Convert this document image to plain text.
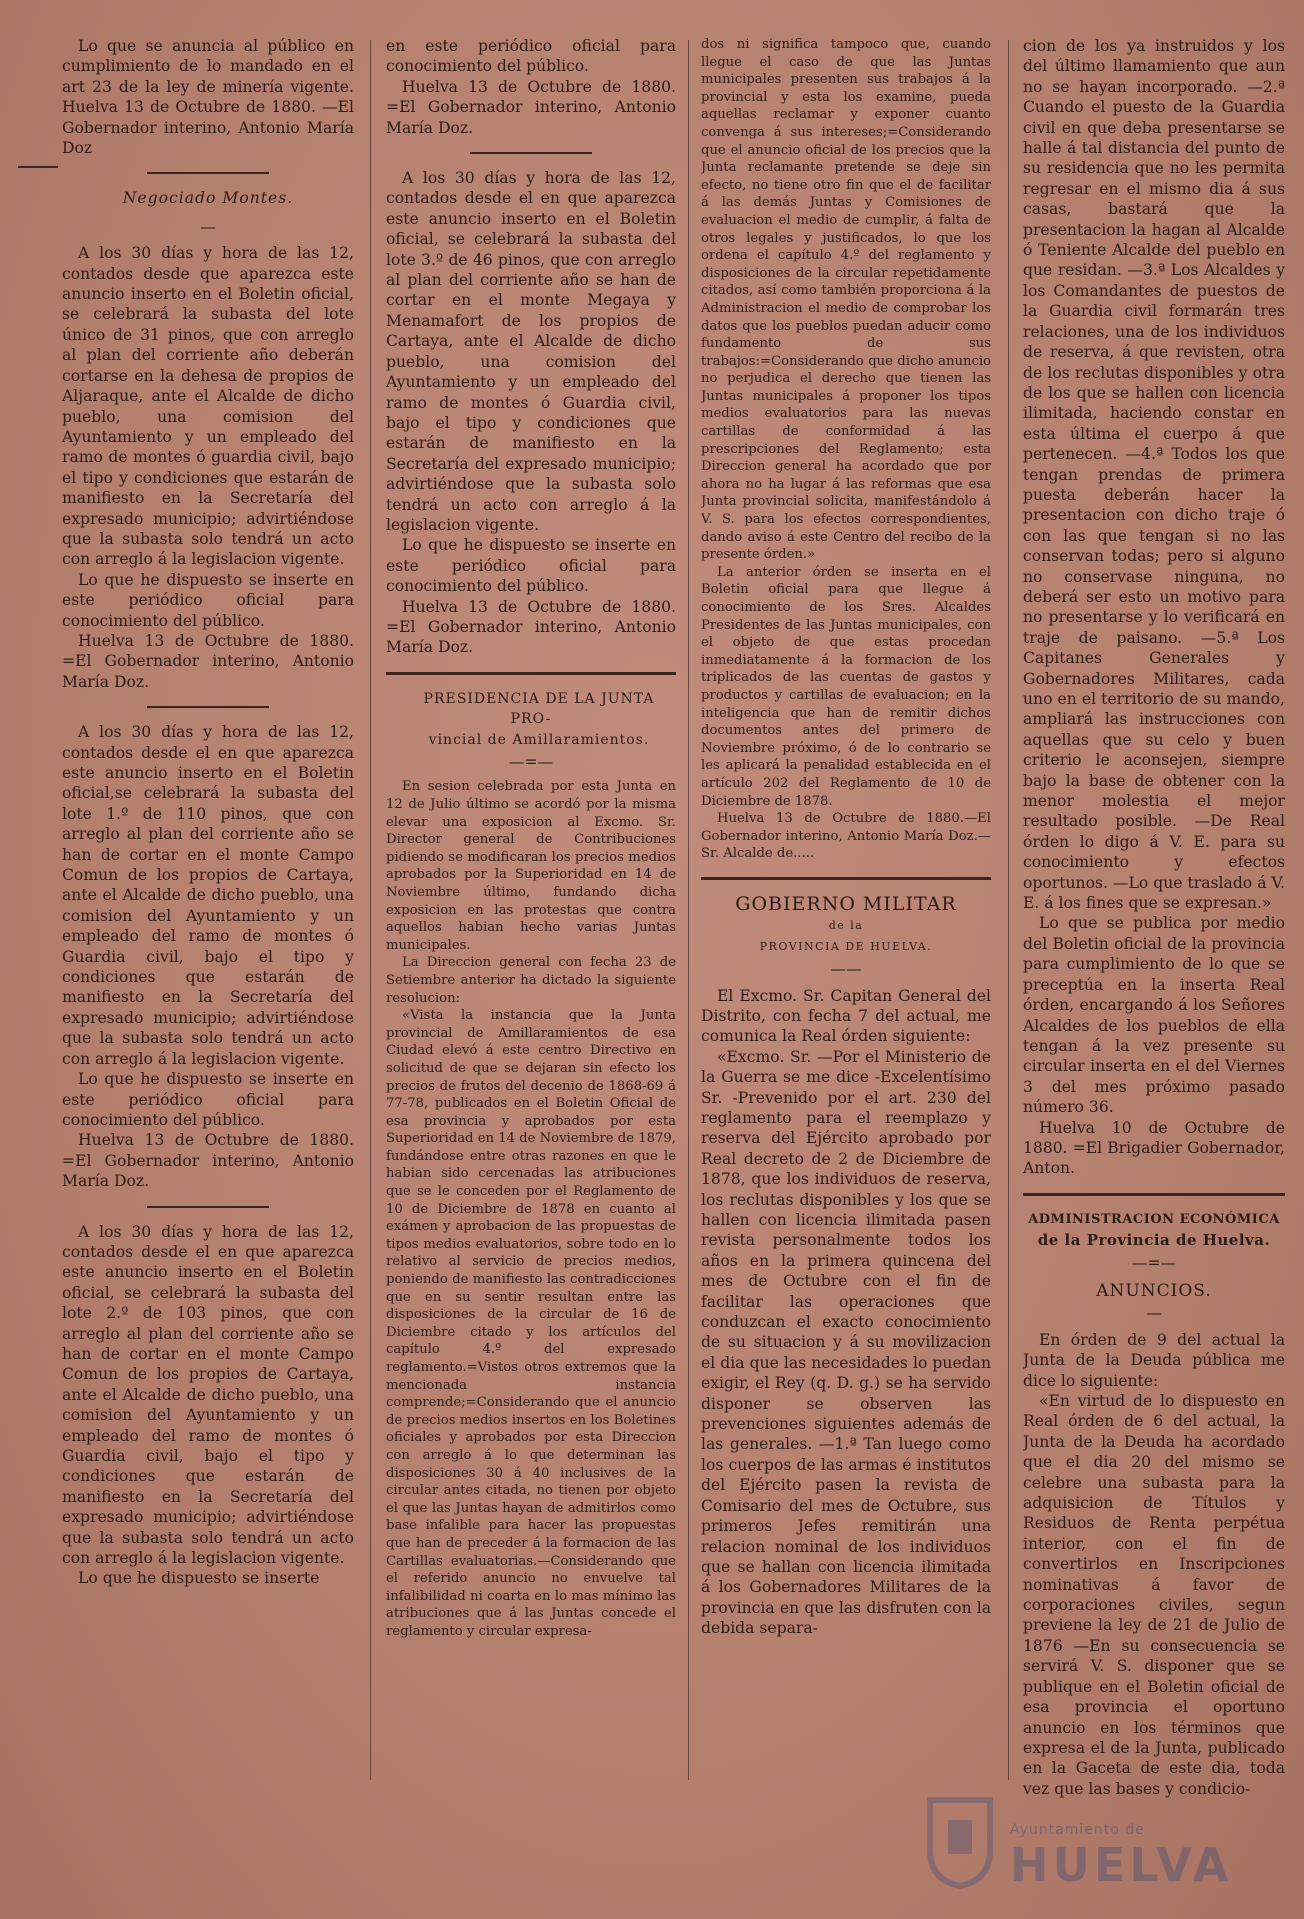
Lo que se anuncia al público en cumplimiento de lo mandado en el art 23 de la ley de minería vigente. Huelva 13 de Octubre de 1880. —El Gobernador interino, Antonio María Doz

Negociado Montes.
—

A los 30 días y hora de las 12, contados desde que aparezca este anuncio inserto en el Boletin oficial, se celebrará la subasta del lote único de 31 pinos, que con arreglo al plan del corriente año deberán cortarse en la dehesa de propios de Aljaraque, ante el Alcalde de dicho pueblo, una comision del Ayuntamiento y un empleado del ramo de montes ó guardia civil, bajo el tipo y condiciones que estarán de manifiesto en la Secretaría del expresado municipio; advirtiéndose que la subasta solo tendrá un acto con arreglo á la legislacion vigente.

Lo que he dispuesto se inserte en este periódico oficial para conocimiento del público.

Huelva 13 de Octubre de 1880. =El Gobernador interino, Antonio María Doz.

A los 30 días y hora de las 12, contados desde el en que aparezca este anuncio inserto en el Boletin oficial,se celebrará la subasta del lote 1.º de 110 pinos, que con arreglo al plan del corriente año se han de cortar en el monte Campo Comun de los propios de Cartaya, ante el Alcalde de dicho pueblo, una comision del Ayuntamiento y un empleado del ramo de montes ó Guardia civil, bajo el tipo y condiciones que estarán de manifiesto en la Secretaría del expresado municipio; advirtiéndose que la subasta solo tendrá un acto con arreglo á la legislacion vigente.

Lo que he dispuesto se inserte en este periódico oficial para conocimiento del público.

Huelva 13 de Octubre de 1880. =El Gobernador interino, Antonio María Doz.

A los 30 días y hora de las 12, contados desde el en que aparezca este anuncio inserto en el Boletin oficial, se celebrará la subasta del lote 2.º de 103 pinos, que con arreglo al plan del corriente año se han de cortar en el monte Campo Comun de los propios de Cartaya, ante el Alcalde de dicho pueblo, una comision del Ayuntamiento y un empleado del ramo de montes ó Guardia civil, bajo el tipo y condiciones que estarán de manifiesto en la Secretaría del expresado municipio; advirtiéndose que la subasta solo tendrá un acto con arreglo á la legislacion vigente.

Lo que he dispuesto se inserte

en este periódico oficial para conocimiento del público.

Huelva 13 de Octubre de 1880. =El Gobernador interino, Antonio María Doz.

A los 30 días y hora de las 12, contados desde el en que aparezca este anuncio inserto en el Boletin oficial, se celebrará la subasta del lote 3.º de 46 pinos, que con arreglo al plan del corriente año se han de cortar en el monte Megaya y Menamafort de los propios de Cartaya, ante el Alcalde de dicho pueblo, una comision del Ayuntamiento y un empleado del ramo de montes ó Guardia civil, bajo el tipo y condiciones que estarán de manifiesto en la Secretaría del expresado municipio; advirtiéndose que la subasta solo tendrá un acto con arreglo á la legislacion vigente.

Lo que he dispuesto se inserte en este periódico oficial para conocimiento del público.

Huelva 13 de Octubre de 1880. =El Gobernador interino, Antonio María Doz.

PRESIDENCIA DE LA JUNTA PRO-

vincial de Amillaramientos.

—=—

En sesion celebrada por esta Junta en 12 de Julio último se acordó por la misma elevar una exposicion al Excmo. Sr. Director general de Contribuciones pidiendo se modificaran los precios medios aprobados por la Superioridad en 14 de Noviembre último, fundando dicha exposicion en las protestas que contra aquellos habian hecho varias Juntas municipales.

La Direccion general con fecha 23 de Setiembre anterior ha dictado la siguiente resolucion:

«Vista la instancia que la Junta provincial de Amillaramientos de esa Ciudad elevó á este centro Directivo en solicitud de que se dejaran sin efecto los precios de frutos del decenio de 1868-69 á 77-78, publicados en el Boletin Oficial de esa provincia y aprobados por esta Superioridad en 14 de Noviembre de 1879, fundándose entre otras razones en que le habian sido cercenadas las atribuciones que se le conceden por el Reglamento de 10 de Diciembre de 1878 en cuanto al exámen y aprobacion de las propuestas de tipos medios evaluatorios, sobre todo en lo relativo al servicio de precios medios, poniendo de manifiesto las contradicciones que en su sentir resultan entre las disposiciones de la circular de 16 de Diciembre citado y los artículos del capítulo 4.º del expresado reglamento.=Vistos otros extremos que la mencionada instancia comprende;=Considerando que el anuncio de precios medios insertos en los Boletines oficiales y aprobados por esta Direccion con arreglo á lo que determinan las disposiciones 30 á 40 inclusives de la circular antes citada, no tienen por objeto el que las Juntas hayan de admitirlos como base infalible para hacer las propuestas que han de preceder á la formacion de las Cartillas evaluatorias.—Considerando que el referido anuncio no envuelve tal infalibilidad ni coarta en lo mas mínimo las atribuciones que á las Juntas concede el reglamento y circular expresa-

dos ni significa tampoco que, cuando llegue el caso de que las Juntas municipales presenten sus trabajos á la provincial y esta los examine, pueda aquellas reclamar y exponer cuanto convenga á sus intereses;=Considerando que el anuncio oficial de los precios que la Junta reclamante pretende se deje sin efecto, no tiene otro fin que el de facilitar á las demás Juntas y Comisiones de evaluacion el medio de cumplir, á falta de otros legales y justificados, lo que los ordena el capítulo 4.º del reglamento y disposiciones de la circular repetidamente citados, así como también proporciona á la Administracion el medio de comprobar los datos que los pueblos puedan aducir como fundamento de sus trabajos:=Considerando que dicho anuncio no perjudica el derecho que tienen las Juntas municipales á proponer los tipos medios evaluatorios para las nuevas cartillas de conformidad á las prescripciones del Reglamento; esta Direccion general ha acordado que por ahora no ha lugar á las reformas que esa Junta provincial solicita, manifestándolo á V. S. para los efectos correspondientes, dando aviso á este Centro del recibo de la presente órden.»

La anterior órden se inserta en el Boletin oficial para que llegue á conocimiento de los Sres. Alcaldes Presidentes de las Juntas municipales, con el objeto de que estas procedan inmediatamente á la formacion de los triplicados de las cuentas de gastos y productos y cartillas de evaluacion; en la inteligencia que han de remitir dichos documentos antes del primero de Noviembre próximo, ó de lo contrario se les aplicará la penalidad establecida en el artículo 202 del Reglamento de 10 de Diciembre de 1878.

Huelva 13 de Octubre de 1880.—El Gobernador interino, Antonio María Doz.—Sr. Alcalde de.....

GOBIERNO MILITAR
de la
PROVINCIA DE HUELVA.
——

El Excmo. Sr. Capitan General del Distrito, con fecha 7 del actual, me comunica la Real órden siguiente:

«Excmo. Sr. —Por el Ministerio de la Guerra se me dice -Excelentísimo Sr. -Prevenido por el art. 230 del reglamento para el reemplazo y reserva del Ejército aprobado por Real decreto de 2 de Diciembre de 1878, que los individuos de reserva, los reclutas disponibles y los que se hallen con licencia ilimitada pasen revista personalmente todos los años en la primera quincena del mes de Octubre con el fin de facilitar las operaciones que conduzcan el exacto conocimiento de su situacion y á su movilizacion el dia que las necesidades lo puedan exigir, el Rey (q. D. g.) se ha servido disponer se observen las prevenciones siguientes además de las generales. —1.ª Tan luego como los cuerpos de las armas é institutos del Ejército pasen la revista de Comisario del mes de Octubre, sus primeros Jefes remitirán una relacion nominal de los individuos que se hallan con licencia ilimitada á los Gobernadores Militares de la provincia en que las disfruten con la debida separa-

cion de los ya instruidos y los del último llamamiento que aun no se hayan incorporado. —2.ª Cuando el puesto de la Guardia civil en que deba presentarse se halle á tal distancia del punto de su residencia que no les permita regresar en el mismo dia á sus casas, bastará que la presentacion la hagan al Alcalde ó Teniente Alcalde del pueblo en que residan. —3.ª Los Alcaldes y los Comandantes de puestos de la Guardia civil formarán tres relaciones, una de los individuos de reserva, á que revisten, otra de los reclutas disponibles y otra de los que se hallen con licencia ilimitada, haciendo constar en esta última el cuerpo á que pertenecen. —4.ª Todos los que tengan prendas de primera puesta deberán hacer la presentacion con dicho traje ó con las que tengan si no las conservan todas; pero si alguno no conservase ninguna, no deberá ser esto un motivo para no presentarse y lo verificará en traje de paisano. —5.ª Los Capitanes Generales y Gobernadores Militares, cada uno en el territorio de su mando, ampliará las instrucciones con aquellas que su celo y buen criterio le aconsejen, siempre bajo la base de obtener con la menor molestia el mejor resultado posible. —De Real órden lo digo á V. E. para su conocimiento y efectos oportunos. —Lo que traslado á V. E. á los fines que se expresan.»

Lo que se publica por medio del Boletin oficial de la provincia para cumplimiento de lo que se preceptúa en la inserta Real órden, encargando á los Señores Alcaldes de los pueblos de ella tengan á la vez presente su circular inserta en el del Viernes 3 del mes próximo pasado número 36.

Huelva 10 de Octubre de 1880. =El Brigadier Gobernador, Anton.

ADMINISTRACION ECONÓMICA
de la Provincia de Huelva.
—=—
ANUNCIOS.
—

En órden de 9 del actual la Junta de la Deuda pública me dice lo siguiente:

«En virtud de lo dispuesto en Real órden de 6 del actual, la Junta de la Deuda ha acordado que el dia 20 del mismo se celebre una subasta para la adquisicion de Títulos y Residuos de Renta perpétua interior, con el fin de convertirlos en Inscripciones nominativas á favor de corporaciones civiles, segun previene la ley de 21 de Julio de 1876 —En su consecuencia se servirá V. S. disponer que se publique en el Boletin oficial de esa provincia el oportuno anuncio en los términos que expresa el de la Junta, publicado en la Gaceta de este dia, toda vez que las bases y condicio-

Ayuntamiento de
HUELVA
